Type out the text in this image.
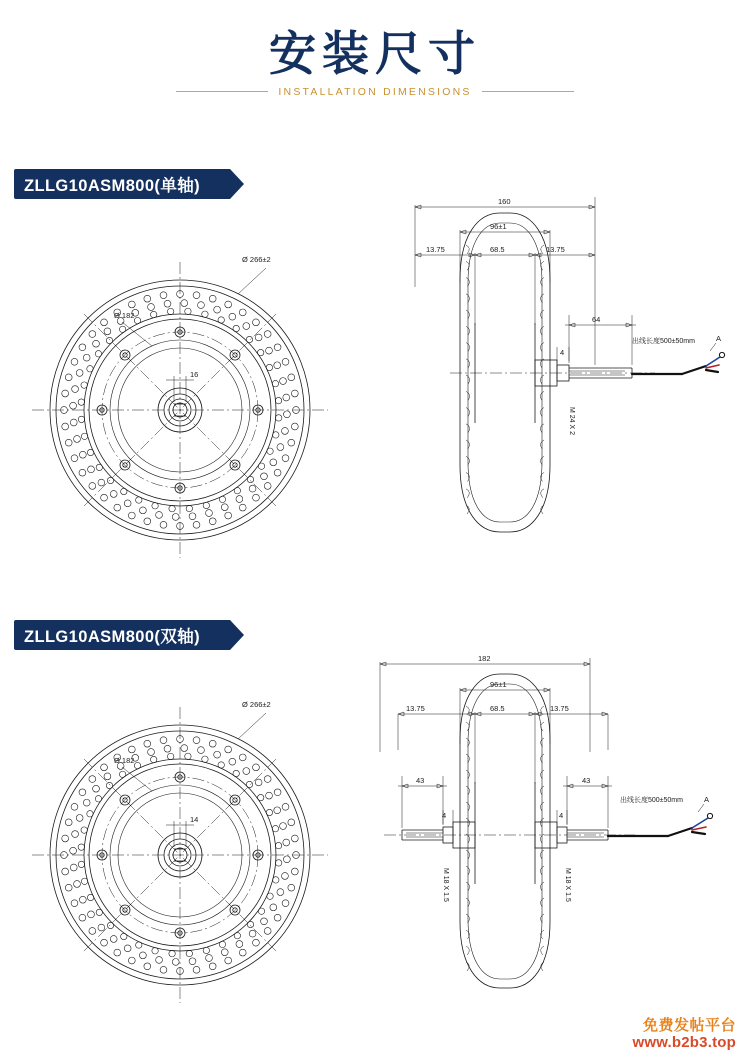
安装尺寸
INSTALLATION DIMENSIONS
ZLLG10ASM800(单轴)
16
Ø 182
Ø 266±2
A
出线长度500±50mm
M 24 X 2
64
4
160
96±1
13.75	68.5	13.75
ZLLG10ASM800(双轴)
14
Ø 182
Ø 266±2
A
出线长度500±50mm
M 18 X 1.5	M 18 X 1.5
43
43
4
4
182
96±1
13.75	68.5	13.75
免费发帖平台
www.b2b3.top
